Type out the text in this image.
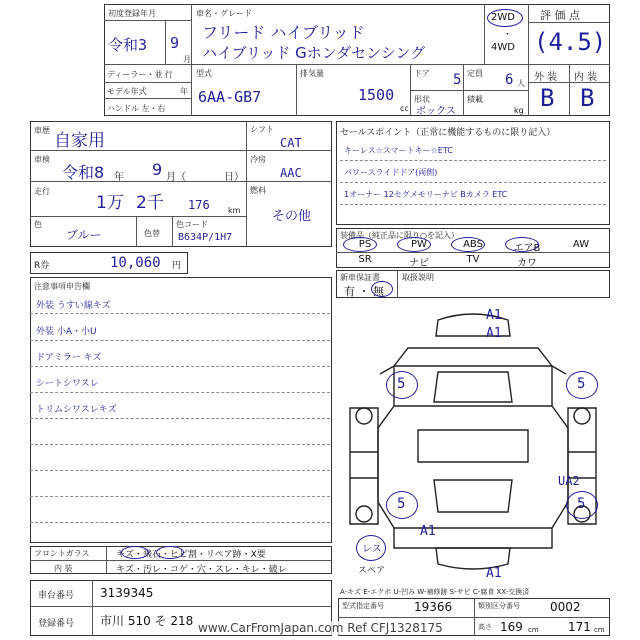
初度登録年月
令和3 9
月
車名・グレード
フリード ハイブリッド
ハイブリッド Gホンダセンシング
2WD
・
4WD
評 価 点
(4.5)
ディーラー・並 行
モデル年式	年
ハンドル 左・右
型式
6AA-GB7
排気量
1500
cc
ドア 5 定員 6 人
形状
ボックス
積載
kg
外 装 内 装
B B
車歴
自家用
車検
令和8 年 9 月（	日）
走行
1万 2千 176 km
色
ブルー	色替
色コード
B634P/1H7
シフト
CAT
冷房
AAC
燃料
その他
R券	10,060 円
セールスポイント（正常に機能するものに限り記入）
キーレス☆スマートキー☆ETC
パワースライドドア(両側)
1オーナー 12セグメモリーナビ Bカメラ ETC
装備品（純正品に限り○を記入）
PS	PW	ABS	エアB	AW
SR	ナビ	TV	カワ
新車保証書
有 ・ 無
取扱説明
注意事項申告欄
外装 うすい線キズ
外装 小A・小U
ドアミラー キズ
シートシワスレ
トリムシワスレキズ
A1
A1
5	5
5	5
UA2
A1
A1
レス
スペア
A-キズ E-エクボ U-凹み W-補修跡 S-サビ C-腐食 XX-交換済
フロントガラス	キズ・飛石・ヒビ割・リペア跡・X要
内 装	キズ・汚レ・コゲ・穴・スレ・キレ・破レ
車台番号 3139345
登録番号 市川 510 そ 218
型式指定番号	19366	類別区分番号	0002
高さ 169 cm 171 cm
www.CarFromJapan.com Ref CFJ1328175
